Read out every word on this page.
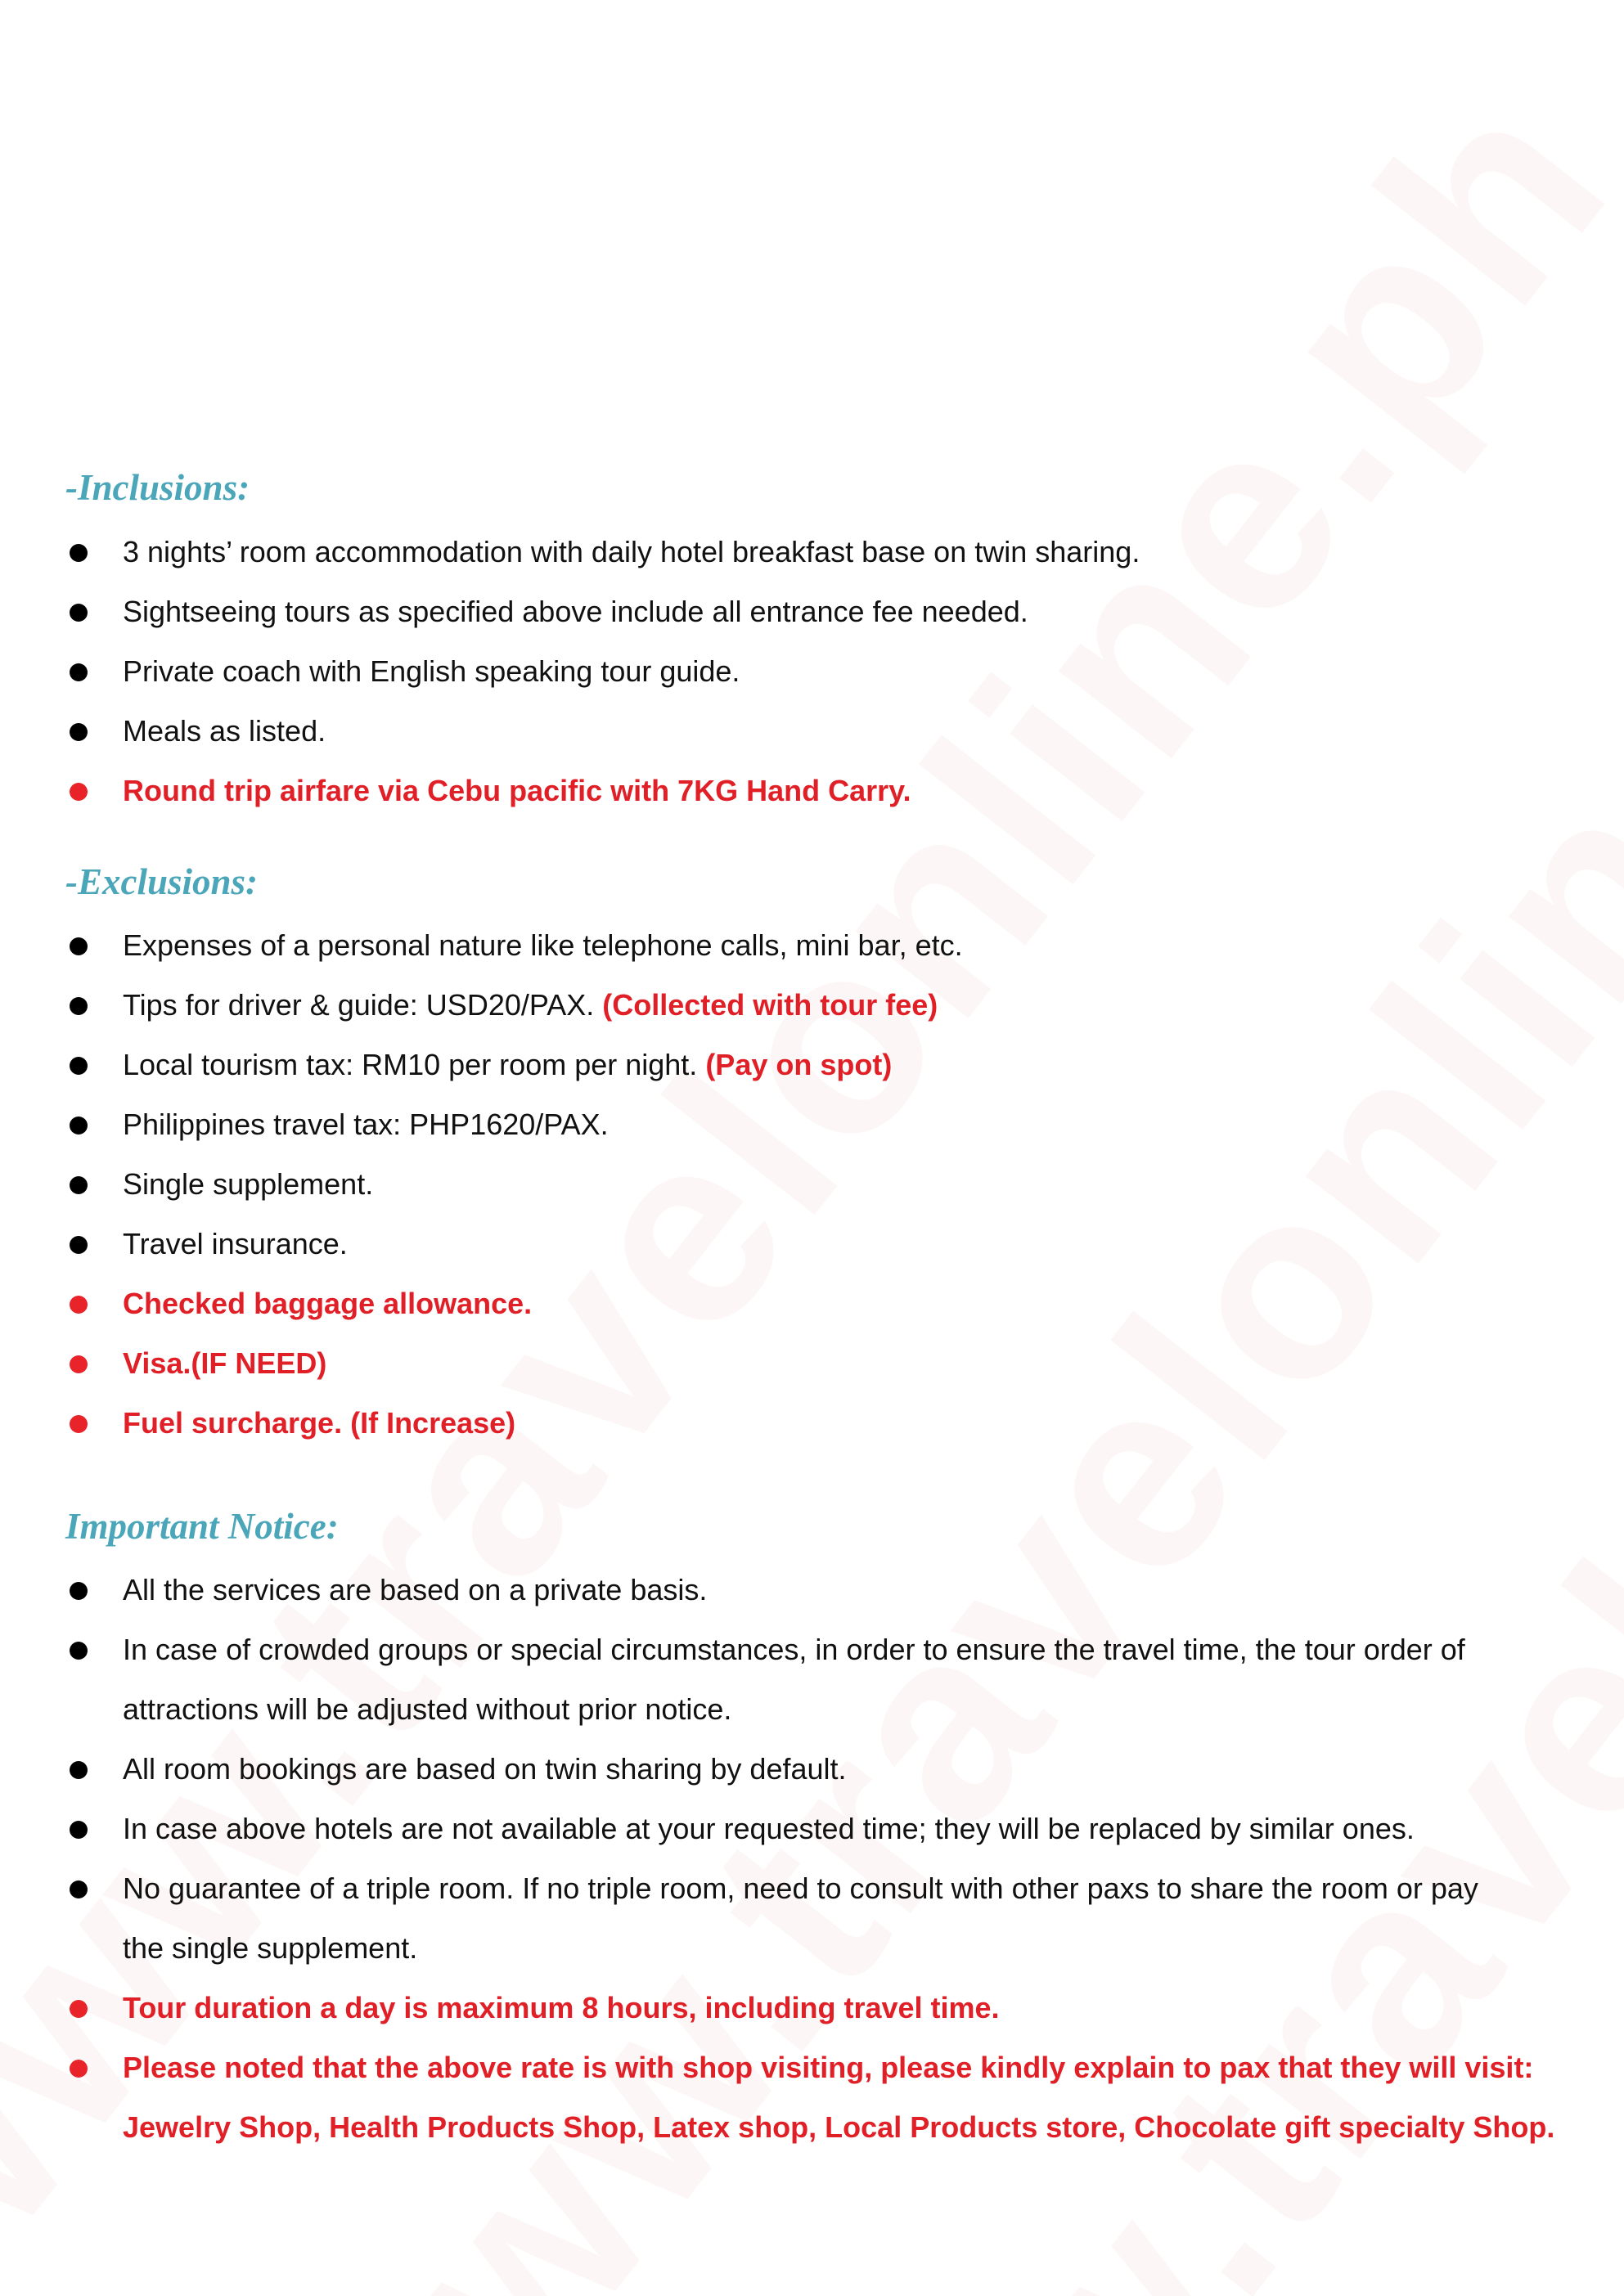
-Inclusions:
3 nights’ room accommodation with daily hotel breakfast base on twin sharing.
Sightseeing tours as specified above include all entrance fee needed.
Private coach with English speaking tour guide.
Meals as listed.
Round trip airfare via Cebu pacific with 7KG Hand Carry.
-Exclusions:
Expenses of a personal nature like telephone calls, mini bar, etc.
Tips for driver & guide: USD20/PAX. (Collected with tour fee)
Local tourism tax: RM10 per room per night. (Pay on spot)
Philippines travel tax: PHP1620/PAX.
Single supplement.
Travel insurance.
Checked baggage allowance.
Visa.(IF NEED)
Fuel surcharge. (If Increase)
Important Notice:
All the services are based on a private basis.
In case of crowded groups or special circumstances, in order to ensure the travel time, the tour order of
attractions will be adjusted without prior notice.
All room bookings are based on twin sharing by default.
In case above hotels are not available at your requested time; they will be replaced by similar ones.
No guarantee of a triple room. If no triple room, need to consult with other paxs to share the room or pay
the single supplement.
Tour duration a day is maximum 8 hours, including travel time.
Please noted that the above rate is with shop visiting, please kindly explain to pax that they will visit:
Jewelry Shop, Health Products Shop, Latex shop, Local Products store, Chocolate gift specialty Shop.
